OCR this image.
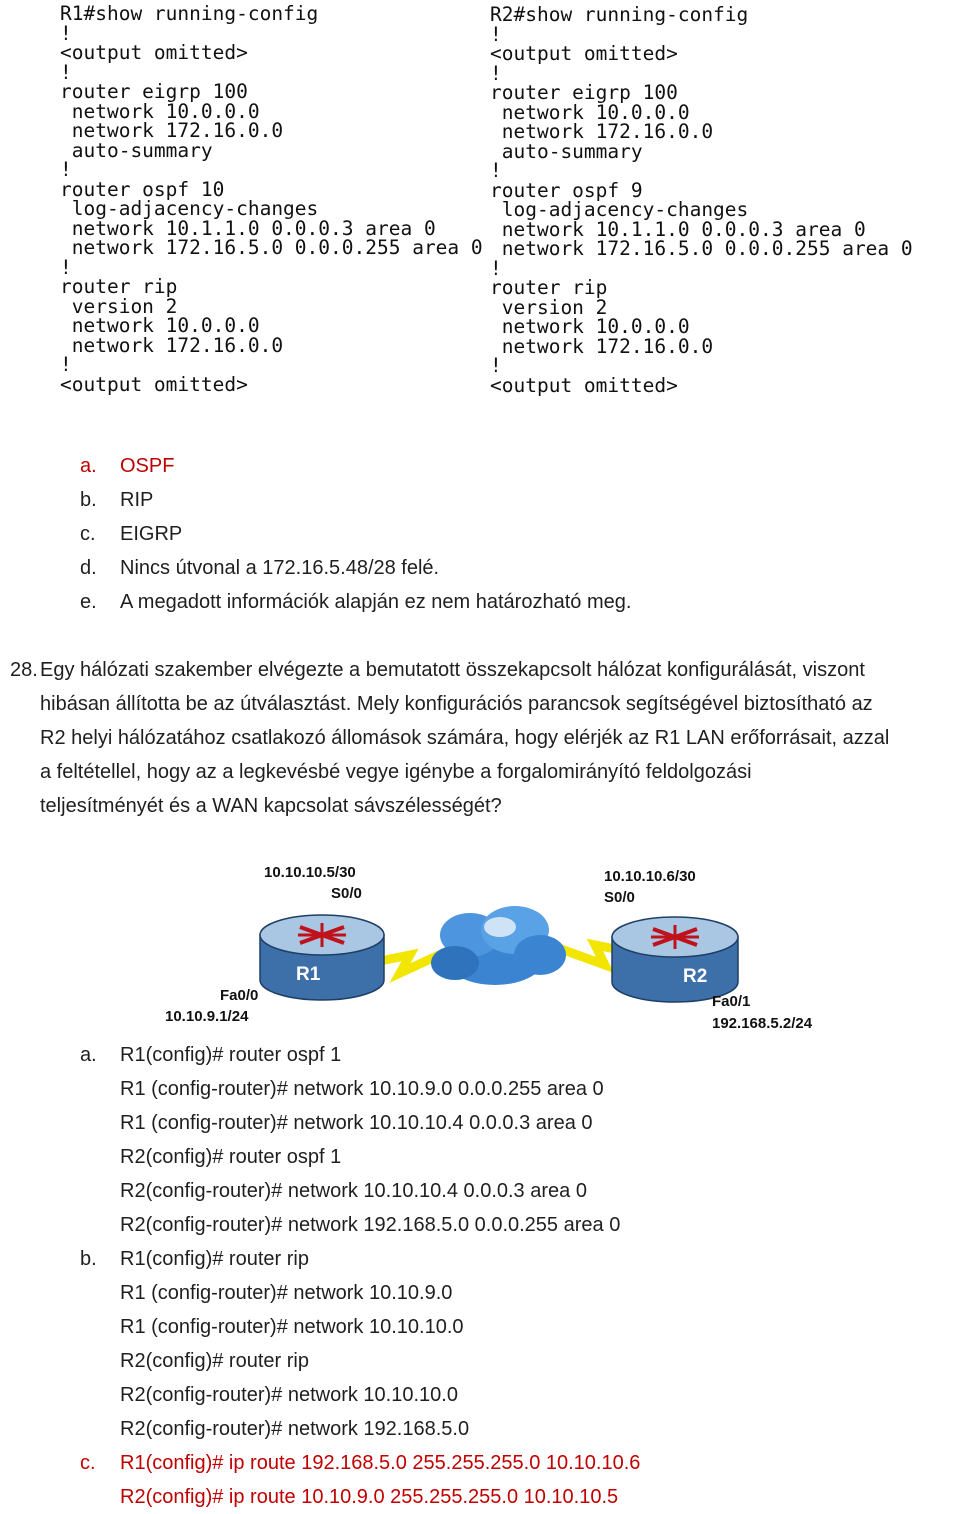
R1#show running-config
!
<output omitted>
!
router eigrp 100
network 10.0.0.0
network 172.16.0.0
auto-summary
!
router ospf 10
log-adjacency-changes
network 10.1.1.0 0.0.0.3 area 0
network 172.16.5.0 0.0.0.255 area 0
!
router rip
version 2
network 10.0.0.0
network 172.16.0.0
!
<output omitted>
R2#show running-config
!
<output omitted>
!
router eigrp 100
network 10.0.0.0
network 172.16.0.0
auto-summary
!
router ospf 9
log-adjacency-changes
network 10.1.1.0 0.0.0.3 area 0
network 172.16.5.0 0.0.0.255 area 0
!
router rip
version 2
network 10.0.0.0
network 172.16.0.0
!
<output omitted>
a. OSPF
b. RIP
c. EIGRP
d. Nincs útvonal a 172.16.5.48/28 felé.
e. A megadott információk alapján ez nem határozható meg.
28. Egy hálózati szakember elvégezte a bemutatott összekapcsolt hálózat konfigurálását, viszont
hibásan állította be az útválasztást. Mely konfigurációs parancsok segítségével biztosítható az
R2 helyi hálózatához csatlakozó állomások számára, hogy elérjék az R1 LAN erőforrásait, azzal
a feltétellel, hogy az a legkevésbé vegye igénybe a forgalomirányító feldolgozási
teljesítményét és a WAN kapcsolat sávszélességét?
R1	R2
10.10.10.5/30
S0/0
10.10.10.6/30
S0/0
Fa0/0
10.10.9.1/24
Fa0/1
192.168.5.2/24
a.	R1(config)# router ospf 1
R1 (config-router)# network 10.10.9.0 0.0.0.255 area 0
R1 (config-router)# network 10.10.10.4 0.0.0.3 area 0
R2(config)# router ospf 1
R2(config-router)# network 10.10.10.4 0.0.0.3 area 0
R2(config-router)# network 192.168.5.0 0.0.0.255 area 0
b.	R1(config)# router rip
R1 (config-router)# network 10.10.9.0
R1 (config-router)# network 10.10.10.0
R2(config)# router rip
R2(config-router)# network 10.10.10.0
R2(config-router)# network 192.168.5.0
c.	R1(config)# ip route 192.168.5.0 255.255.255.0 10.10.10.6
R2(config)# ip route 10.10.9.0 255.255.255.0 10.10.10.5
